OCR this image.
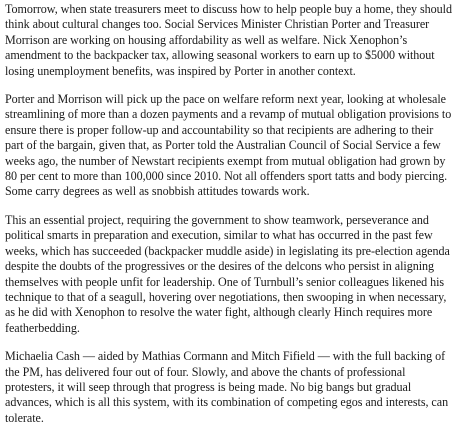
Tomorrow, when state treasurers meet to discuss how to help people buy a home, they should think about cultural changes too. Social Services Minister Christian Porter and Treasurer Morrison are working on housing affordability as well as welfare. Nick Xenophon’s amendment to the backpacker tax, allowing seasonal workers to earn up to $5000 without losing unemployment benefits, was inspired by Porter in another context.

Porter and Morrison will pick up the pace on welfare reform next year, looking at wholesale streamlining of more than a dozen payments and a revamp of mutual obligation provisions to ensure there is proper follow-up and accountability so that recipients are adhering to their part of the bargain, given that, as Porter told the Australian Council of Social Service a few weeks ago, the number of Newstart recipients exempt from mutual obligation had grown by 80 per cent to more than 100,000 since 2010. Not all offenders sport tatts and body piercing. Some carry degrees as well as snobbish attitudes towards work.

This an essential project, requiring the government to show teamwork, perseverance and political smarts in preparation and execution, similar to what has occurred in the past few weeks, which has succeeded (backpacker muddle aside) in legislating its pre-election agenda despite the doubts of the progressives or the desires of the delcons who persist in aligning themselves with people unfit for leadership. One of Turnbull’s senior colleagues likened his technique to that of a seagull, hovering over negotiations, then swooping in when necessary, as he did with Xenophon to resolve the water fight, although clearly Hinch requires more featherbedding.

Michaelia Cash — aided by Mathias Cormann and Mitch Fifield — with the full backing of the PM, has delivered four out of four. Slowly, and above the chants of professional protesters, it will seep through that progress is being made. No big bangs but gradual advances, which is all this system, with its combination of competing egos and interests, can tolerate.
